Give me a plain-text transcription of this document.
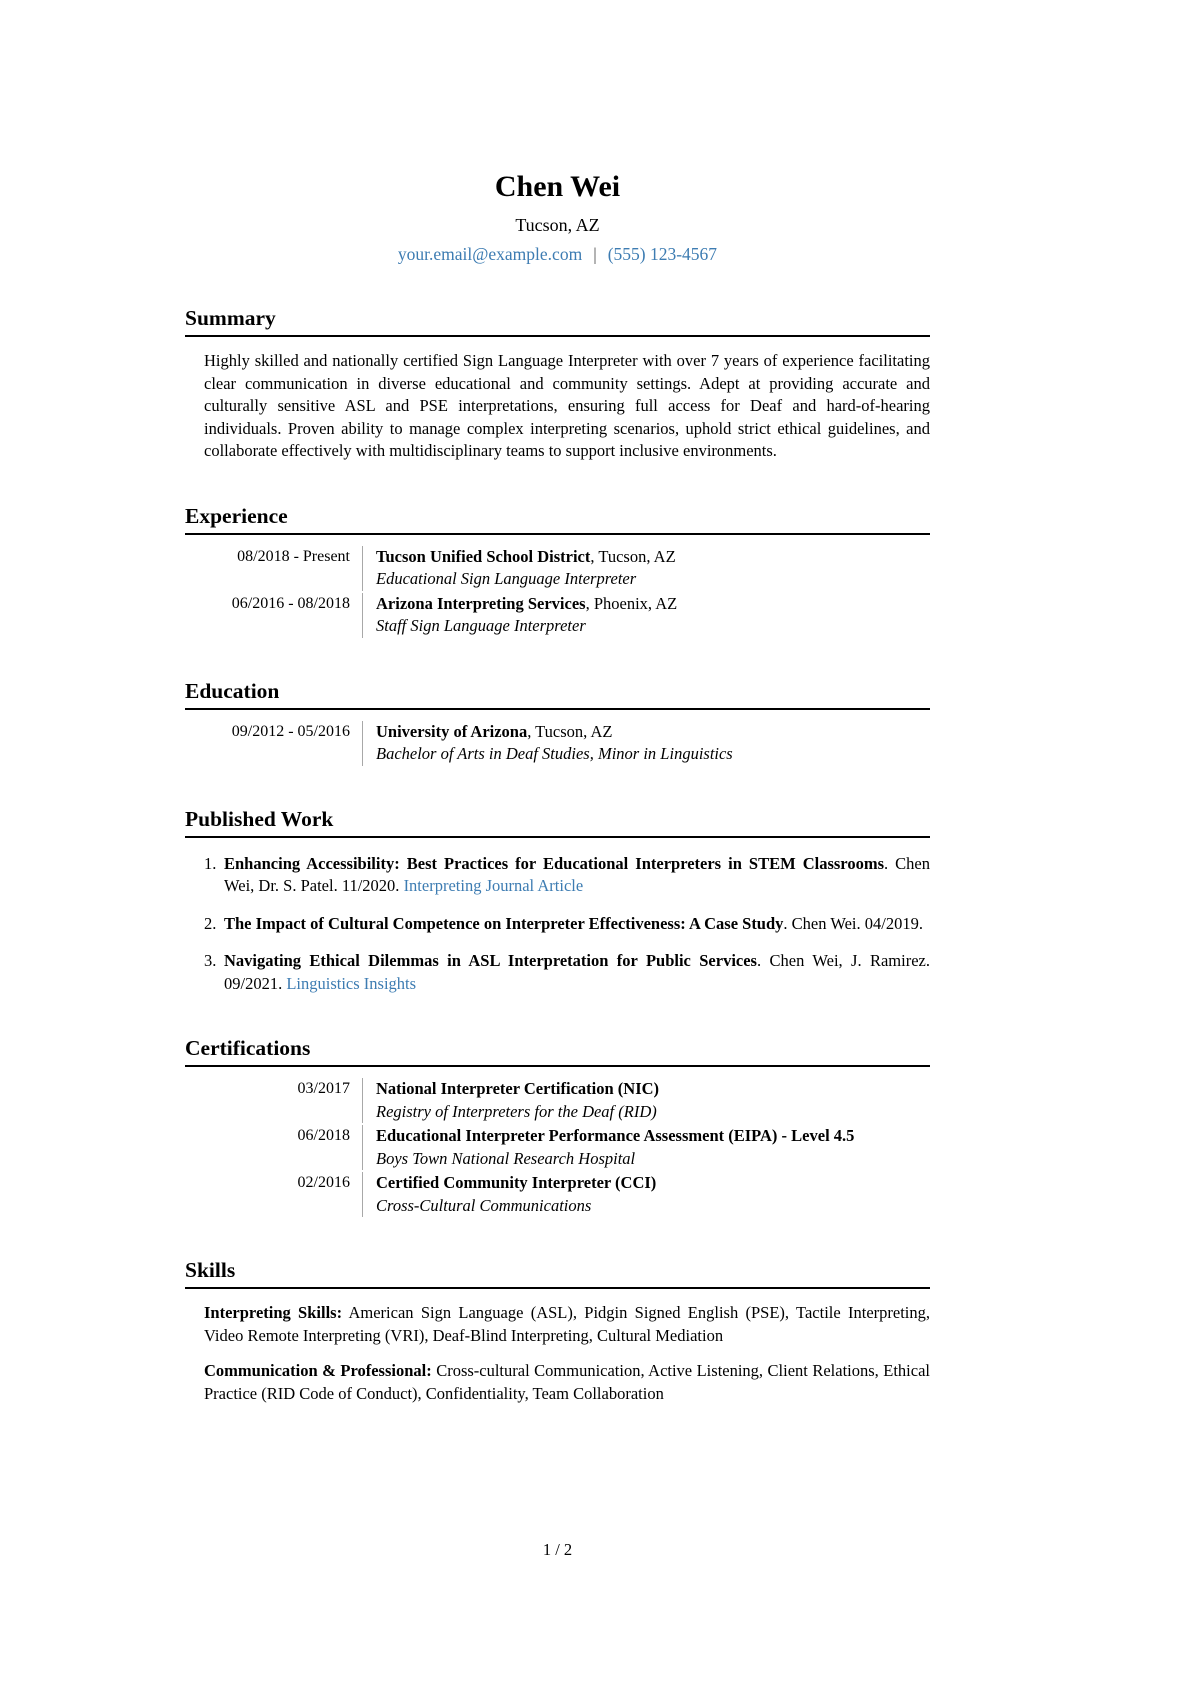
Chen Wei
Tucson, AZ
your.email@example.com | (555) 123-4567
Summary

Highly skilled and nationally certified Sign Language Interpreter with over 7 years of experience facilitating clear communication in diverse educational and community settings. Adept at providing accurate and culturally sensitive ASL and PSE interpretations, ensuring full access for Deaf and hard-of-hearing individuals. Proven ability to manage complex interpreting scenarios, uphold strict ethical guidelines, and collaborate effectively with multidisciplinary teams to support inclusive environments.

Experience
08/2018 - Present Tucson Unified School District, Tucson, AZ
Educational Sign Language Interpreter
06/2016 - 08/2018 Arizona Interpreting Services, Phoenix, AZ
Staff Sign Language Interpreter
Education
09/2012 - 05/2016 University of Arizona, Tucson, AZ
Bachelor of Arts in Deaf Studies, Minor in Linguistics
Published Work
1. Enhancing Accessibility: Best Practices for Educational Interpreters in STEM Classrooms. Chen Wei, Dr. S. Patel. 11/2020. Interpreting Journal Article
2. The Impact of Cultural Competence on Interpreter Effectiveness: A Case Study. Chen Wei. 04/2019.
3. Navigating Ethical Dilemmas in ASL Interpretation for Public Services. Chen Wei, J. Ramirez. 09/2021. Linguistics Insights
Certifications
03/2017 National Interpreter Certification (NIC)
Registry of Interpreters for the Deaf (RID)
06/2018 Educational Interpreter Performance Assessment (EIPA) - Level 4.5
Boys Town National Research Hospital
02/2016 Certified Community Interpreter (CCI)
Cross-Cultural Communications
Skills

Interpreting Skills: American Sign Language (ASL), Pidgin Signed English (PSE), Tactile Interpreting, Video Remote Interpreting (VRI), Deaf-Blind Interpreting, Cultural Mediation

Communication & Professional: Cross-cultural Communication, Active Listening, Client Relations, Ethical Practice (RID Code of Conduct), Confidentiality, Team Collaboration

1 / 2
